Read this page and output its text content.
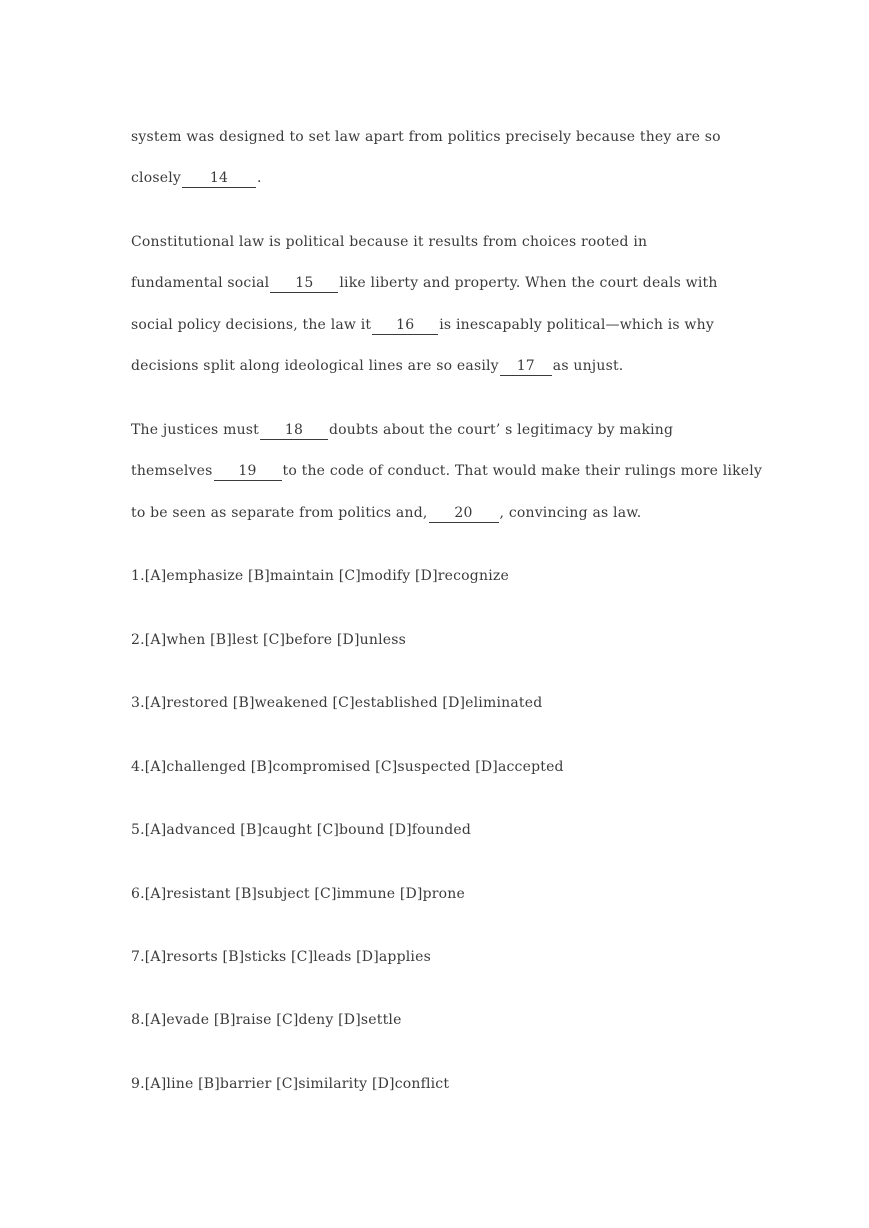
system was designed to set law apart from politics precisely because they are so
closely 14 .
Constitutional law is political because it results from choices rooted in
fundamental social 15 like liberty and property. When the court deals with
social policy decisions, the law it 16 is inescapably political—which is why
decisions split along ideological lines are so easily 17 as unjust.
The justices must 18 doubts about the court’ s legitimacy by making
themselves 19 to the code of conduct. That would make their rulings more likely
to be seen as separate from politics and, 20 , convincing as law.
1.[A]emphasize [B]maintain [C]modify [D]recognize
2.[A]when [B]lest [C]before [D]unless
3.[A]restored [B]weakened [C]established [D]eliminated
4.[A]challenged [B]compromised [C]suspected [D]accepted
5.[A]advanced [B]caught [C]bound [D]founded
6.[A]resistant [B]subject [C]immune [D]prone
7.[A]resorts [B]sticks [C]leads [D]applies
8.[A]evade [B]raise [C]deny [D]settle
9.[A]line [B]barrier [C]similarity [D]conflict
